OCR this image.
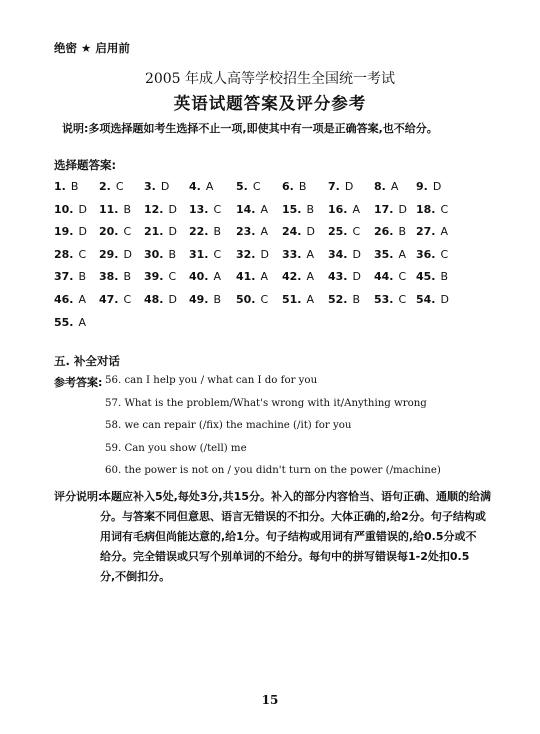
绝密 ★ 启用前
2005 年成人高等学校招生全国统一考试
英语试题答案及评分参考
说明:多项选择题如考生选择不止一项,即使其中有一项是正确答案,也不给分。
选择题答案:
1. B 2. C 3. D 4. A 5. C 6. B 7. D 8. A 9. D
10. D 11. B 12. D 13. C 14. A 15. B 16. A 17. D 18. C
19. D 20. C 21. D 22. B 23. A 24. D 25. C 26. B 27. A
28. C 29. D 30. B 31. C 32. D 33. A 34. D 35. A 36. C
37. B 38. B 39. C 40. A 41. A 42. A 43. D 44. C 45. B
46. A 47. C 48. D 49. B 50. C 51. A 52. B 53. C 54. D
55. A
五. 补全对话
参考答案: 56. can I help you / what can I do for you
57. What is the problem/What's wrong with it/Anything wrong
58. we can repair (/fix) the machine (/it) for you
59. Can you show (/tell) me
60. the power is not on / you didn't turn on the power (/machine)
评分说明:
本题应补入5处,每处3分,共15分。补入的部分内容恰当、语句正确、通顺的给满
分。与答案不同但意思、语言无错误的不扣分。大体正确的,给2分。句子结构或
用词有毛病但尚能达意的,给1分。句子结构或用词有严重错误的,给0.5分或不
给分。完全错误或只写个别单词的不给分。每句中的拼写错误每1-2处扣0.5
分,不倒扣分。
15
